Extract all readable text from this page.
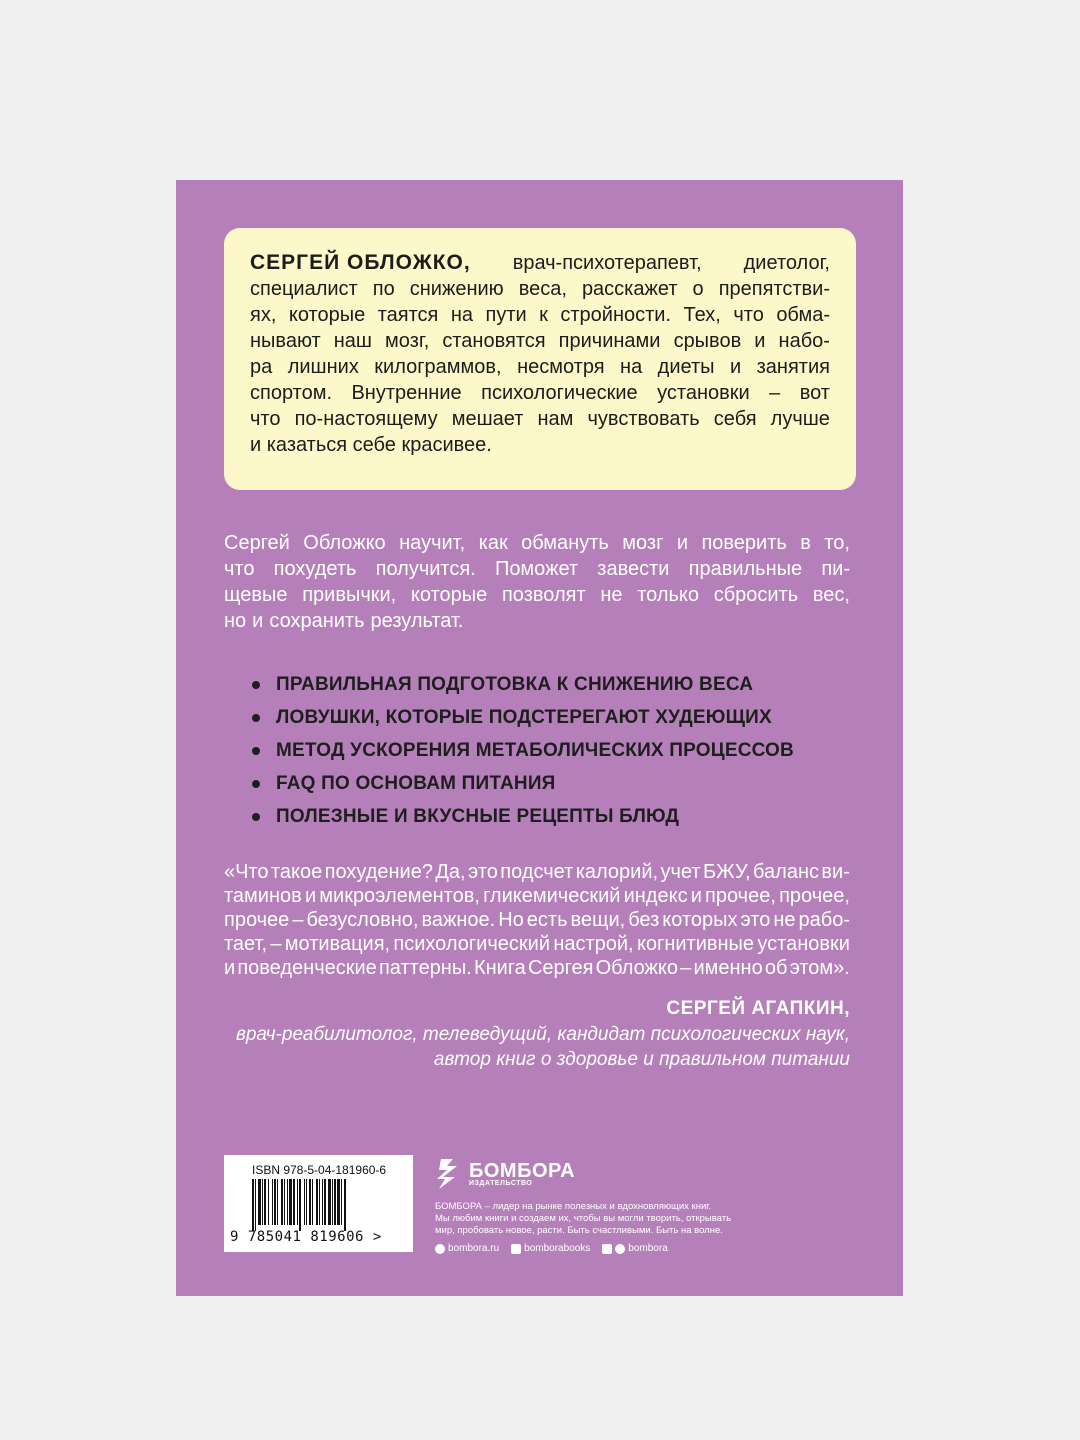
СЕРГЕЙ ОБЛОЖКО, врач-психотерапевт, диетолог,
специалист по снижению веса, расскажет о препятстви-
ях, которые таятся на пути к стройности. Тех, что обма-
нывают наш мозг, становятся причинами срывов и набо-
ра лишних килограммов, несмотря на диеты и занятия
спортом. Внутренние психологические установки – вот
что по-настоящему мешает нам чувствовать себя лучше
и казаться себе красивее.
Сергей Обложко научит, как обмануть мозг и поверить в то,
что похудеть получится. Поможет завести правильные пи-
щевые привычки, которые позволят не только сбросить вес,
но и сохранить результат.
ПРАВИЛЬНАЯ ПОДГОТОВКА К СНИЖЕНИЮ ВЕСА
ЛОВУШКИ, КОТОРЫЕ ПОДСТЕРЕГАЮТ ХУДЕЮЩИХ
МЕТОД УСКОРЕНИЯ МЕТАБОЛИЧЕСКИХ ПРОЦЕССОВ
FAQ ПО ОСНОВАМ ПИТАНИЯ
ПОЛЕЗНЫЕ И ВКУСНЫЕ РЕЦЕПТЫ БЛЮД
«Что такое похудение? Да, это подсчет калорий, учет БЖУ, баланс ви-
таминов и микроэлементов, гликемический индекс и прочее, прочее,
прочее – безусловно, важное. Но есть вещи, без которых это не рабо-
тает, – мотивация, психологический настрой, когнитивные установки
и поведенческие паттерны. Книга Сергея Обложко – именно об этом».
СЕРГЕЙ АГАПКИН,
врач-реабилитолог, телеведущий, кандидат психологических наук,
автор книг о здоровье и правильном питании
ISBN 978-5-04-181960-6
9 785041 819606 >
БОМБОРА
ИЗДАТЕЛЬСТВО
БОМБОРА – лидер на рынке полезных и вдохновляющих книг.
Мы любим книги и создаем их, чтобы вы могли творить, открывать
мир, пробовать новое, расти. Быть счастливыми. Быть на волне.
bombora.ru	bomborabooks	bombora
